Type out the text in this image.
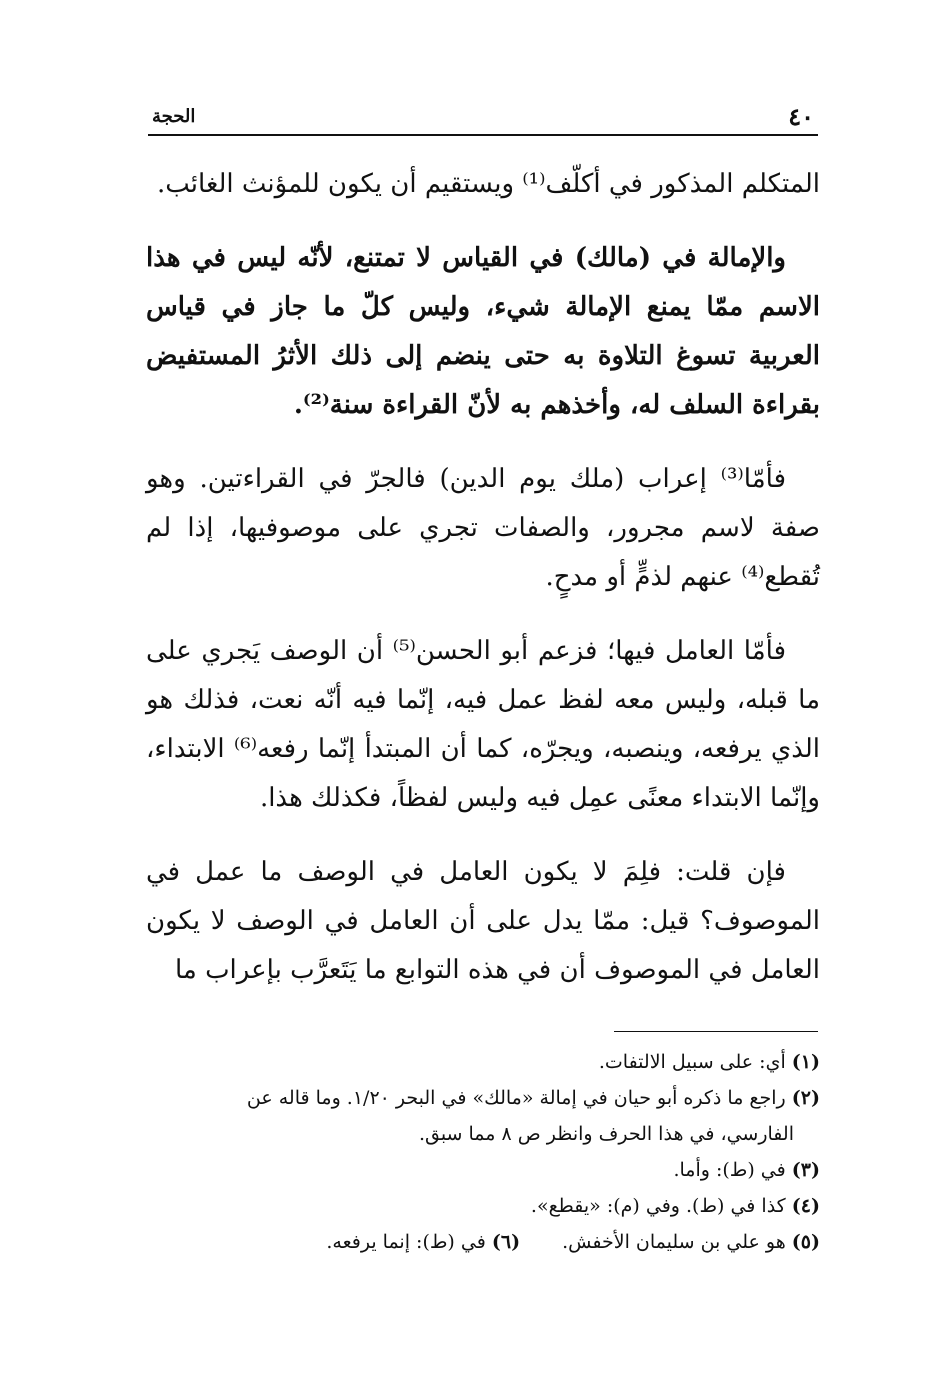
٤٠
الحجة

المتكلم المذكور في أكلّف⁽¹⁾ ويستقيم أن يكون للمؤنث الغائب.

والإمالة في (مالك) في القياس لا تمتنع، لأنّه ليس في هذا الاسم ممّا يمنع الإمالة شيء، وليس كلّ ما جاز في قياس العربية تسوغ التلاوة به حتى ينضم إلى ذلك الأثرُ المستفيض بقراءة السلف له، وأخذهم به لأنّ القراءة سنة⁽²⁾.

فأمّا⁽³⁾ إعراب (ملك يوم الدين) فالجرّ في القراءتين. وهو صفة لاسم مجرور، والصفات تجري على موصوفيها، إذا لم تُقطع⁽⁴⁾ عنهم لذمٍّ أو مدحٍ.

فأمّا العامل فيها؛ فزعم أبو الحسن⁽⁵⁾ أن الوصف يَجري على ما قبله، وليس معه لفظ عمل فيه، إنّما فيه أنّه نعت، فذلك هو الذي يرفعه، وينصبه، ويجرّه، كما أن المبتدأ إنّما رفعه⁽⁶⁾ الابتداء، وإنّما الابتداء معنًى عمِل فيه وليس لفظاً، فكذلك هذا.

فإن قلت: فلِمَ لا يكون العامل في الوصف ما عمل في الموصوف؟ قيل: ممّا يدل على أن العامل في الوصف لا يكون العامل في الموصوف أن في هذه التوابع ما يَتَعرَّب بإعراب ما

(١) أي: على سبيل الالتفات.
(٢) راجع ما ذكره أبو حيان في إمالة «مالك» في البحر ١/٢٠. وما قاله عن
الفارسي، في هذا الحرف وانظر ص ٨ مما سبق.
(٣) في (ط): وأما.
(٤) كذا في (ط). وفي (م): «يقطع».
(٥) هو علي بن سليمان الأخفش. (٦) في (ط): إنما يرفعه.
